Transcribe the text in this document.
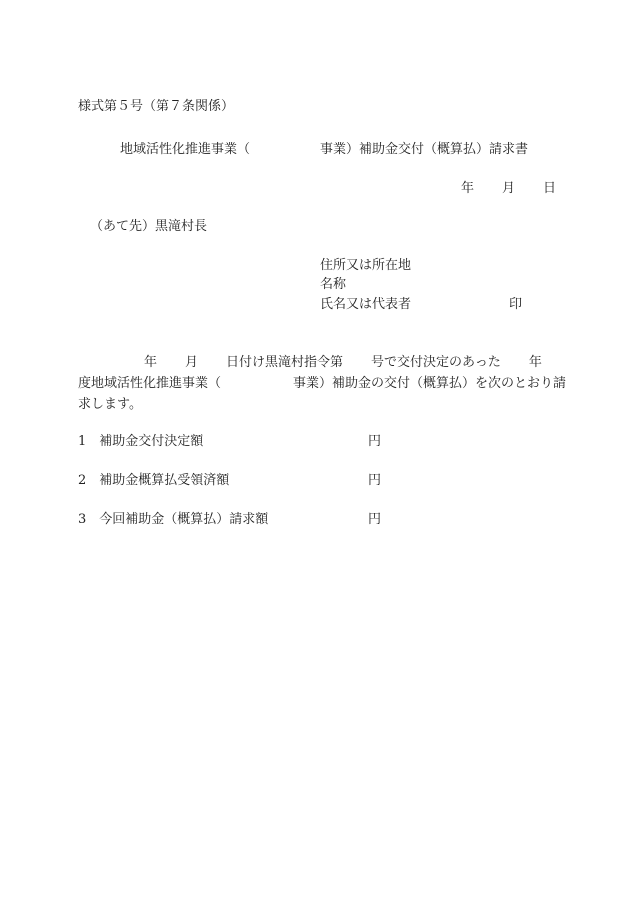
様式第５号（第７条関係）
地域活性化推進事業（	事業）補助金交付（概算払）請求書
年 月 日
（あて先）黒滝村長
住所又は所在地
名称
氏名又は代表者	印
年 月 日付け黒滝村指令第 号で交付決定のあった 年
度地域活性化推進事業（	事業）補助金の交付（概算払）を次のとおり請
求します。
1 補助金交付決定額	円
2 補助金概算払受領済額	円
3 今回補助金（概算払）請求額	円
